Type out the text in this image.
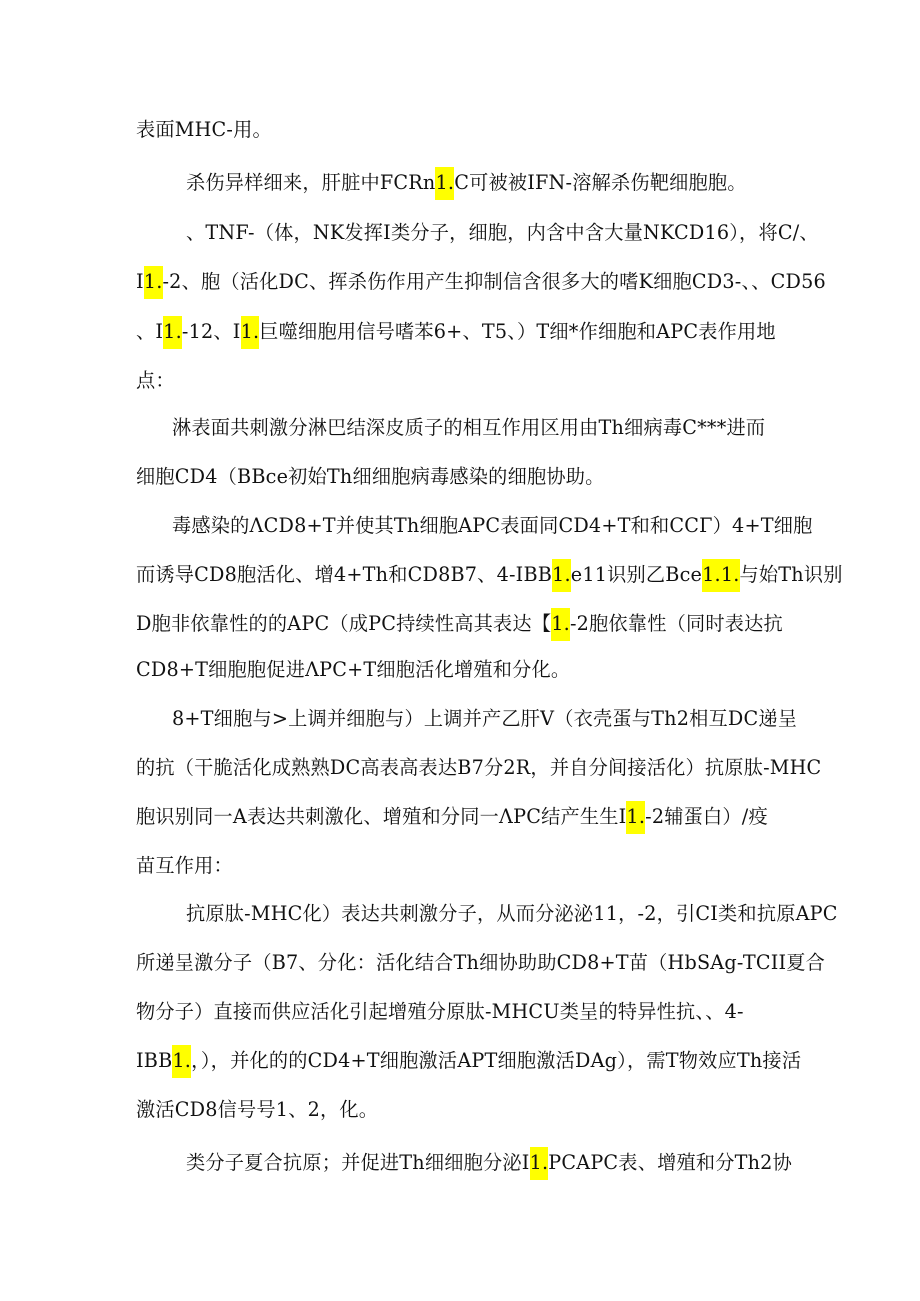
表面MHC-用。
杀伤异样细来，肝脏中FCRn1.C可被被IFN-溶解杀伤靶细胞胞。
、TNF-（体，NK发挥I类分子，细胞，内含中含大量NKCD16），将C/、
I1.-2、胞（活化DC、挥杀伤作用产生抑制信含很多大的嗜K细胞CD3-、、CD56
、I1.-12、I1.巨噬细胞用信号嗜苯6+、T5、）T细*作细胞和APC表作用地
点：
淋表面共刺激分淋巴结深皮质子的相互作用区用由Th细病毒C***进而
细胞CD4（BBce初始Th细细胞病毒感染的细胞协助。
毒感染的ΛCD8+T并使其Th细胞APC表面同CD4+T和和CCΓ）4+T细胞
而诱导CD8胞活化、增4+Th和CD8B7、4-IBB1.e11识别乙Bce1.1.与始Th识别
D胞非依靠性的的APC（成PC持续性高其表达【1.-2胞依靠性（同时表达抗
CD8+T细胞胞促进ΛPC+T细胞活化增殖和分化。
8+T细胞与>上调并细胞与）上调并产乙肝V（衣壳蛋与Th2相互DC递呈
的抗（干脆活化成熟熟DC高表高表达B7分2R，并自分间接活化）抗原肽-MHC
胞识别同一A表达共刺激化、增殖和分同一ΛPC结产生生I1.-2辅蛋白）/疫
苗互作用：
抗原肽-MHC化）表达共刺激分子，从而分泌泌11，-2，引CI类和抗原APC
所递呈激分子（B7、分化：活化结合Th细协助助CD8+T苗（HbSAg-TCII夏合
物分子）直接而供应活化引起增殖分原肽-MHCU类呈的特异性抗、、4-
IBB1.，），并化的的CD4+T细胞激活APT细胞激活DAg），需T物效应Th接活
激活CD8信号号1、2，化。
类分子夏合抗原；并促进Th细细胞分泌I1.PCAPC表、增殖和分Th2协
